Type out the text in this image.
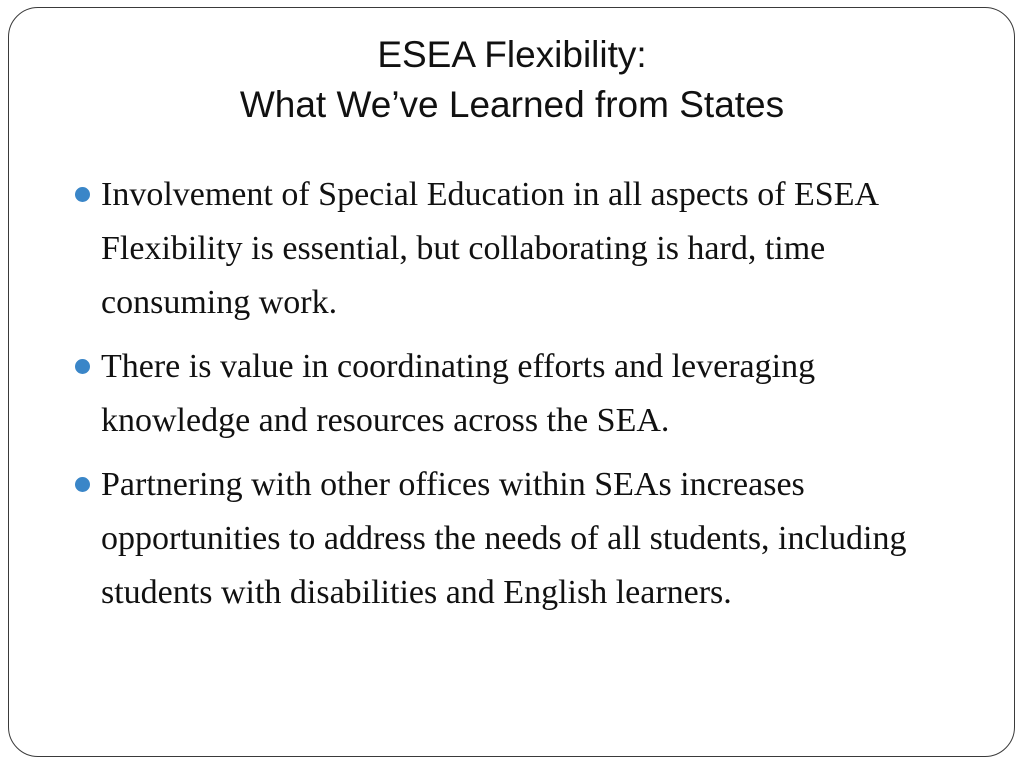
ESEA Flexibility:
What We’ve Learned from States
Involvement of Special Education in all aspects of ESEA Flexibility is essential, but collaborating is hard, time consuming work.
There is value in coordinating efforts and leveraging knowledge and resources across the SEA.
Partnering with other offices within SEAs increases opportunities to address the needs of all students, including students with disabilities and English learners.
